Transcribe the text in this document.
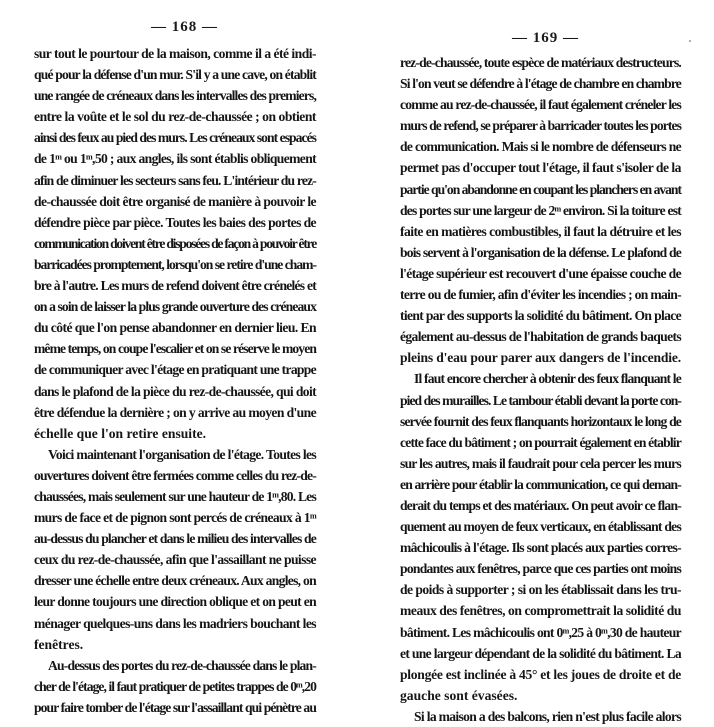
— 168 —
sur tout le pourtour de la maison, comme il a été indi-
qué pour la défense d'un mur. S'il y a une cave, on établit
une rangée de créneaux dans les intervalles des premiers,
entre la voûte et le sol du rez-de-chaussée ; on obtient
ainsi des feux au pied des murs. Les créneaux sont espacés
de 1ᵐ ou 1ᵐ,50 ; aux angles, ils sont établis obliquement
afin de diminuer les secteurs sans feu. L'intérieur du rez-
de-chaussée doit être organisé de manière à pouvoir le
défendre pièce par pièce. Toutes les baies des portes de
communication doivent être disposées de façon à pouvoir être
barricadées promptement, lorsqu'on se retire d'une cham-
bre à l'autre. Les murs de refend doivent être crénelés et
on a soin de laisser la plus grande ouverture des créneaux
du côté que l'on pense abandonner en dernier lieu. En
même temps, on coupe l'escalier et on se réserve le moyen
de communiquer avec l'étage en pratiquant une trappe
dans le plafond de la pièce du rez-de-chaussée, qui doit
être défendue la dernière ; on y arrive au moyen d'une
échelle que l'on retire ensuite.
Voici maintenant l'organisation de l'étage. Toutes les
ouvertures doivent être fermées comme celles du rez-de-
chaussées, mais seulement sur une hauteur de 1ᵐ,80. Les
murs de face et de pignon sont percés de créneaux à 1ᵐ
au-dessus du plancher et dans le milieu des intervalles de
ceux du rez-de-chaussée, afin que l'assaillant ne puisse
dresser une échelle entre deux créneaux. Aux angles, on
leur donne toujours une direction oblique et on peut en
ménager quelques-uns dans les madriers bouchant les
fenêtres.
Au-dessus des portes du rez-de-chaussée dans le plan-
cher de l'étage, il faut pratiquer de petites trappes de 0ᵐ,20
pour faire tomber de l'étage sur l'assaillant qui pénètre au
— 169 —
rez-de-chaussée, toute espèce de matériaux destructeurs.
Si l'on veut se défendre à l'étage de chambre en chambre
comme au rez-de-chaussée, il faut également créneler les
murs de refend, se préparer à barricader toutes les portes
de communication. Mais si le nombre de défenseurs ne
permet pas d'occuper tout l'étage, il faut s'isoler de la
partie qu'on abandonne en coupant les planchers en avant
des portes sur une largeur de 2ᵐ environ. Si la toiture est
faite en matières combustibles, il faut la détruire et les
bois servent à l'organisation de la défense. Le plafond de
l'étage supérieur est recouvert d'une épaisse couche de
terre ou de fumier, afin d'éviter les incendies ; on main-
tient par des supports la solidité du bâtiment. On place
également au-dessus de l'habitation de grands baquets
pleins d'eau pour parer aux dangers de l'incendie.
Il faut encore chercher à obtenir des feux flanquant le
pied des murailles. Le tambour établi devant la porte con-
servée fournit des feux flanquants horizontaux le long de
cette face du bâtiment ; on pourrait également en établir
sur les autres, mais il faudrait pour cela percer les murs
en arrière pour établir la communication, ce qui deman-
derait du temps et des matériaux. On peut avoir ce flan-
quement au moyen de feux verticaux, en établissant des
mâchicoulis à l'étage. Ils sont placés aux parties corres-
pondantes aux fenêtres, parce que ces parties ont moins
de poids à supporter ; si on les établissait dans les tru-
meaux des fenêtres, on compromettrait la solidité du
bâtiment. Les mâchicoulis ont 0ᵐ,25 à 0ᵐ,30 de hauteur
et une largeur dépendant de la solidité du bâtiment. La
plongée est inclinée à 45° et les joues de droite et de
gauche sont évasées.
Si la maison a des balcons, rien n'est plus facile alors
